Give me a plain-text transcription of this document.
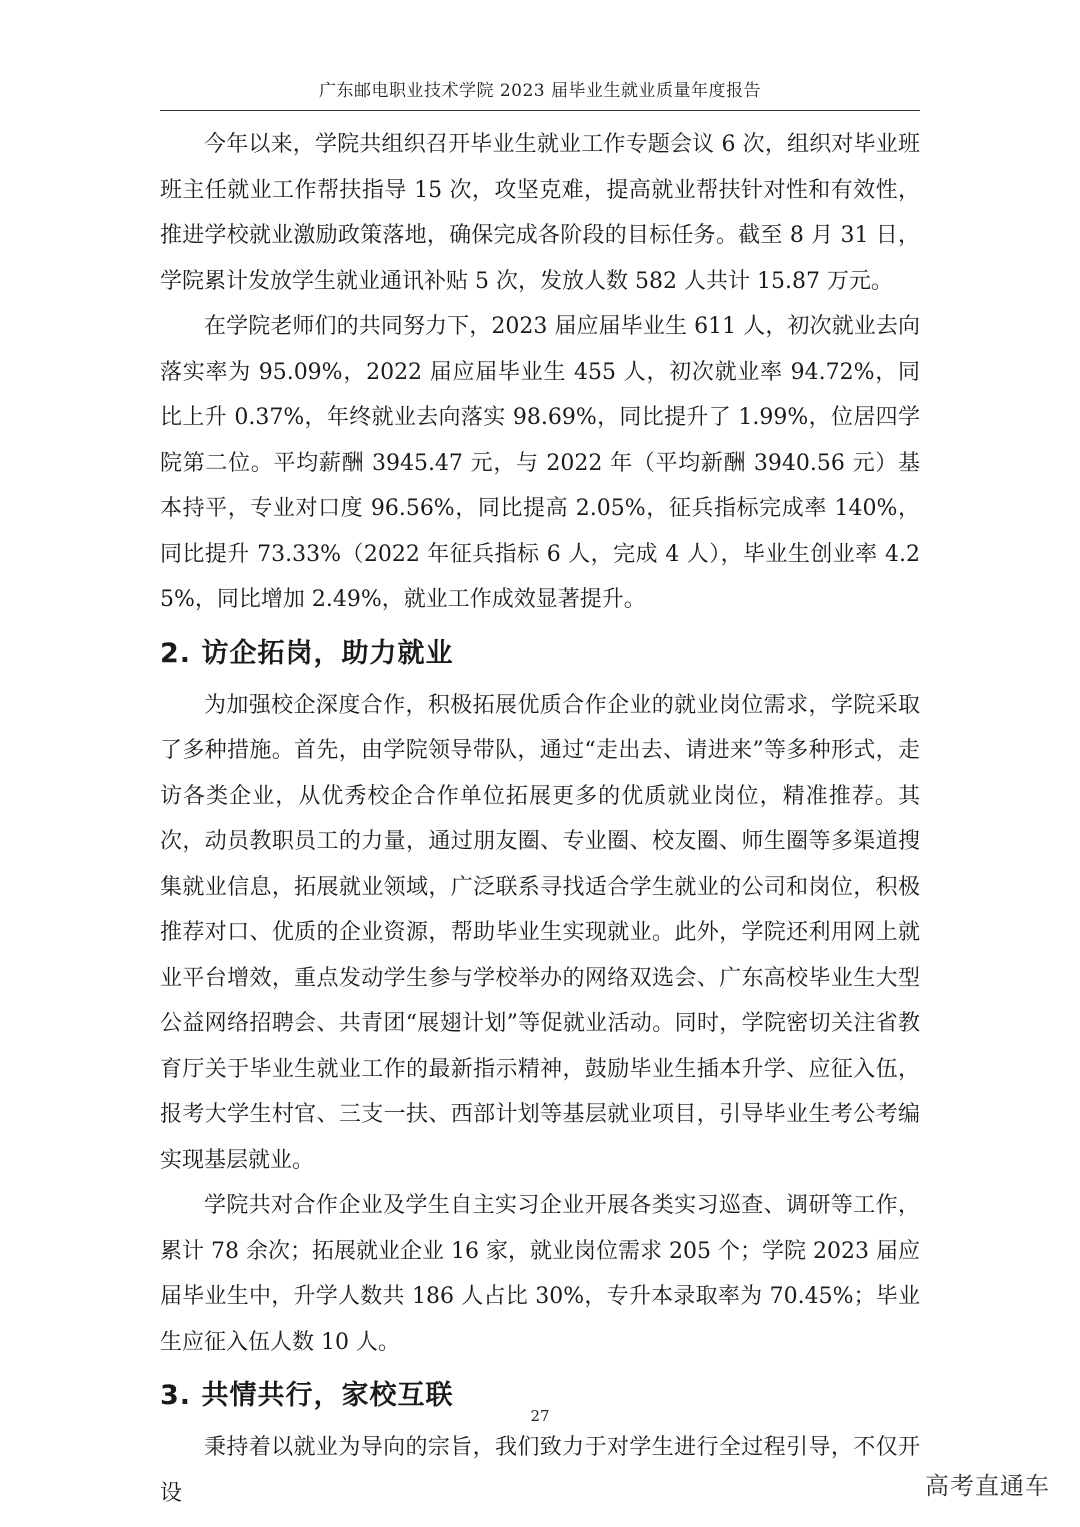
广东邮电职业技术学院 2023 届毕业生就业质量年度报告

今年以来，学院共组织召开毕业生就业工作专题会议 6 次，组织对毕业班班主任就业工作帮扶指导 15 次，攻坚克难，提高就业帮扶针对性和有效性，推进学校就业激励政策落地，确保完成各阶段的目标任务。截至 8 月 31 日，学院累计发放学生就业通讯补贴 5 次，发放人数 582 人共计 15.87 万元。

在学院老师们的共同努力下，2023 届应届毕业生 611 人，初次就业去向落实率为 95.09%，2022 届应届毕业生 455 人，初次就业率 94.72%，同比上升 0.37%，年终就业去向落实 98.69%，同比提升了 1.99%，位居四学院第二位。平均薪酬 3945.47 元，与 2022 年（平均新酬 3940.56 元）基本持平，专业对口度 96.56%，同比提高 2.05%，征兵指标完成率 140%，同比提升 73.33%（2022 年征兵指标 6 人，完成 4 人），毕业生创业率 4.25%，同比增加 2.49%，就业工作成效显著提升。

2. 访企拓岗，助力就业

为加强校企深度合作，积极拓展优质合作企业的就业岗位需求，学院采取了多种措施。首先，由学院领导带队，通过“走出去、请进来”等多种形式，走访各类企业，从优秀校企合作单位拓展更多的优质就业岗位，精准推荐。其次，动员教职员工的力量，通过朋友圈、专业圈、校友圈、师生圈等多渠道搜集就业信息，拓展就业领域，广泛联系寻找适合学生就业的公司和岗位，积极推荐对口、优质的企业资源，帮助毕业生实现就业。此外，学院还利用网上就业平台增效，重点发动学生参与学校举办的网络双选会、广东高校毕业生大型公益网络招聘会、共青团“展翅计划”等促就业活动。同时，学院密切关注省教育厅关于毕业生就业工作的最新指示精神，鼓励毕业生插本升学、应征入伍，报考大学生村官、三支一扶、西部计划等基层就业项目，引导毕业生考公考编实现基层就业。

学院共对合作企业及学生自主实习企业开展各类实习巡查、调研等工作，累计 78 余次；拓展就业企业 16 家，就业岗位需求 205 个；学院 2023 届应届毕业生中，升学人数共 186 人占比 30%，专升本录取率为 70.45%；毕业生应征入伍人数 10 人。

3. 共情共行，家校互联

秉持着以就业为导向的宗旨，我们致力于对学生进行全过程引导，不仅开设

27
高考直通车
